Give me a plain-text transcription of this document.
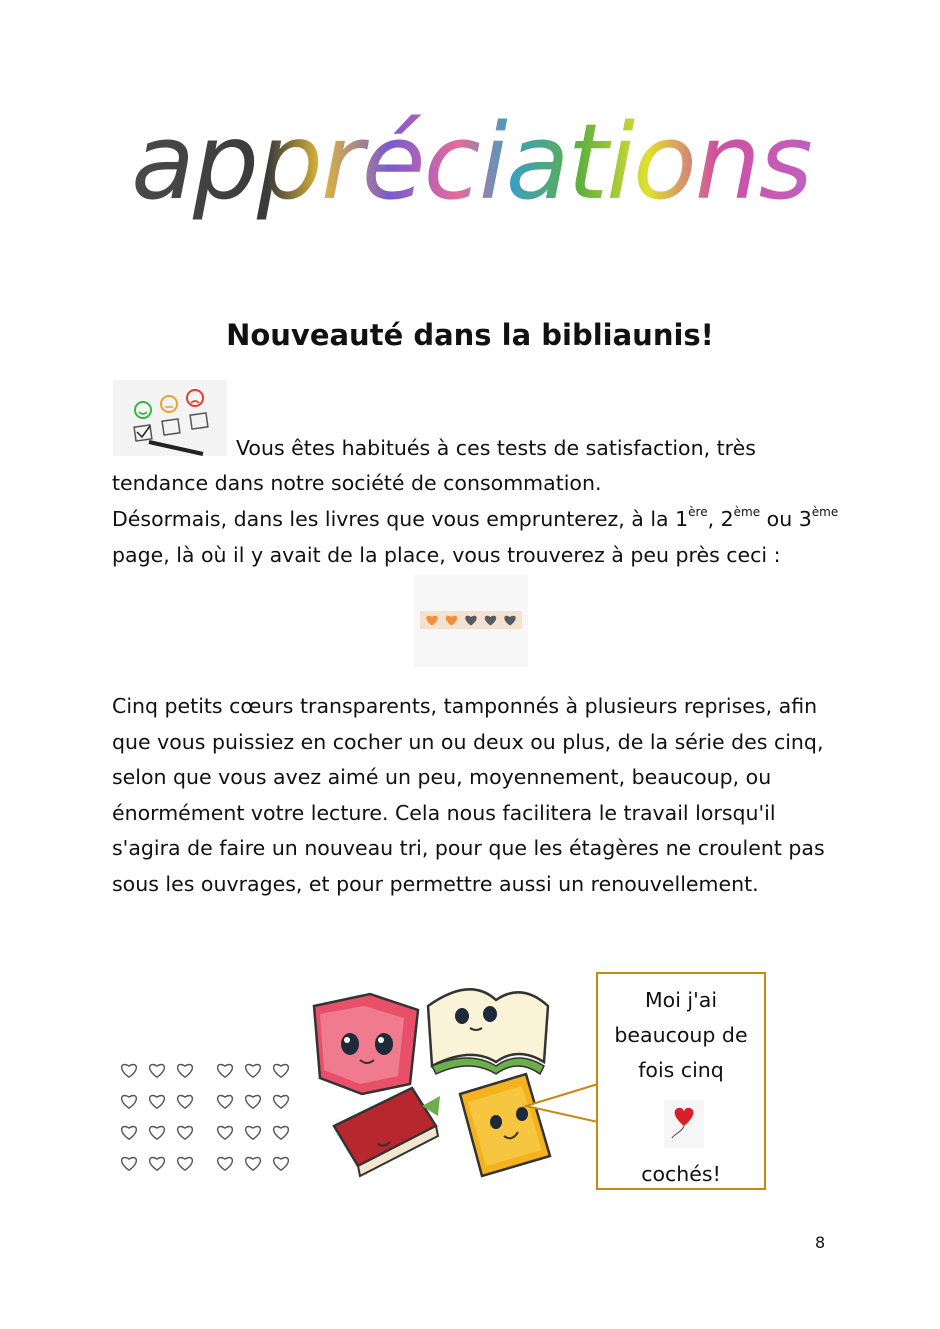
appréciations
Nouveauté dans la bibliaunis!
Vous êtes habitués à ces tests de satisfaction, très
tendance dans notre société de consommation.
Désormais, dans les livres que vous emprunterez, à la 1ère, 2ème ou 3ème
page, là où il y avait de la place, vous trouverez à peu près ceci :
Cinq petits cœurs transparents, tamponnés à plusieurs reprises, afin
que vous puissiez en cocher un ou deux ou plus, de la série des cinq,
selon que vous avez aimé un peu, moyennement, beaucoup, ou
énormément votre lecture. Cela nous facilitera le travail lorsqu'il
s'agira de faire un nouveau tri, pour que les étagères ne croulent pas
sous les ouvrages, et pour permettre aussi un renouvellement.
Moi j'ai
beaucoup de
fois cinq
cochés!
8
